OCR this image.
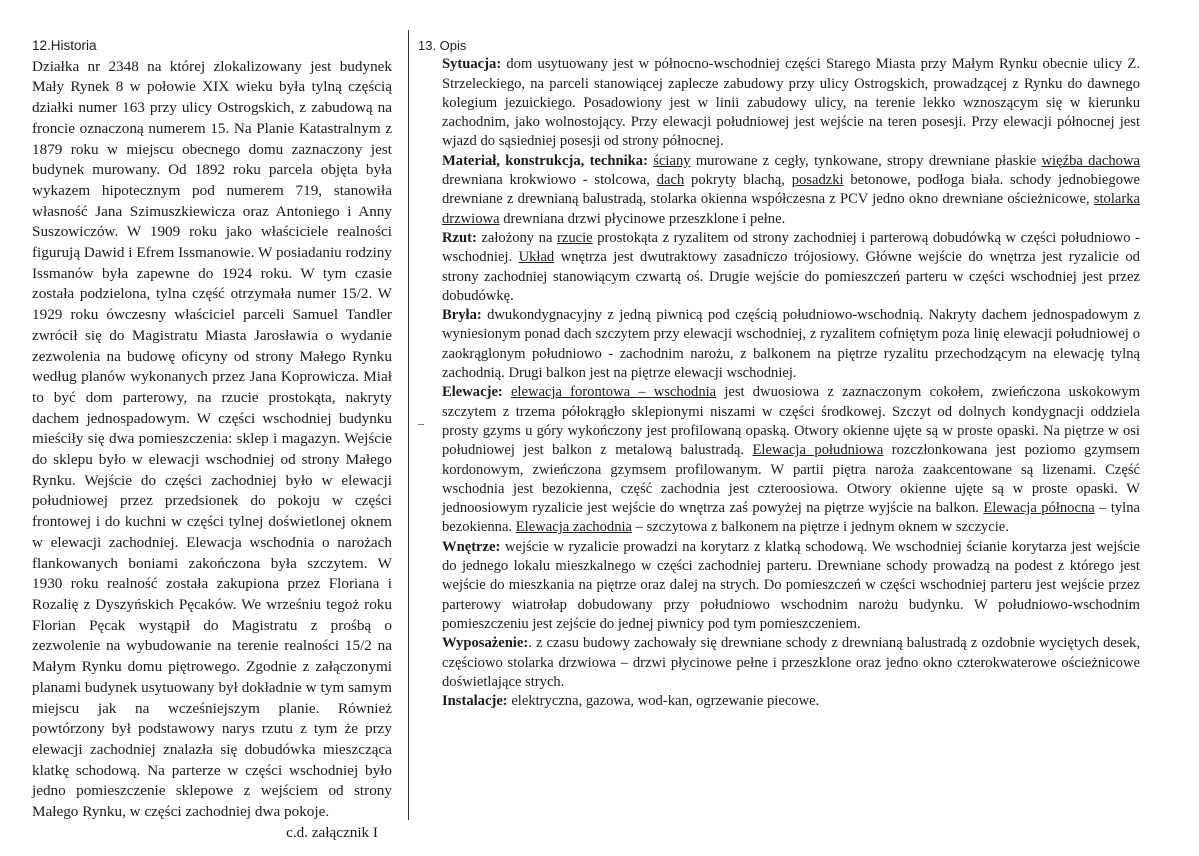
12.Historia

Działka nr 2348 na której zlokalizowany jest budynek Mały Rynek 8 w połowie XIX wieku była tylną częścią działki numer 163 przy ulicy Ostrogskich, z zabudową na froncie oznaczoną numerem 15. Na Planie Katastralnym z 1879 roku w miejscu obecnego domu zaznaczony jest budynek murowany. Od 1892 roku parcela objęta była wykazem hipotecznym pod numerem 719, stanowiła własność Jana Szimuszkiewicza oraz Antoniego i Anny Suszowiczów. W 1909 roku jako właściciele realności figurują Dawid i Efrem Issmanowie. W posiadaniu rodziny Issmanów była zapewne do 1924 roku. W tym czasie została podzielona, tylna część otrzymała numer 15/2. W 1929 roku ówczesny właściciel parceli Samuel Tandler zwrócił się do Magistratu Miasta Jarosławia o wydanie zezwolenia na budowę oficyny od strony Małego Rynku według planów wykonanych przez Jana Koprowicza. Miał to być dom parterowy, na rzucie prostokąta, nakryty dachem jednospadowym. W części wschodniej budynku mieściły się dwa pomieszczenia: sklep i magazyn. Wejście do sklepu było w elewacji wschodniej od strony Małego Rynku. Wejście do części zachodniej było w elewacji południowej przez przedsionek do pokoju w części frontowej i do kuchni w części tylnej doświetlonej oknem w elewacji zachodniej. Elewacja wschodnia o narożach flankowanych boniami zakończona była szczytem. W 1930 roku realność została zakupiona przez Floriana i Rozalię z Dyszyńskich Pęcaków. We wrześniu tegoż roku Florian Pęcak wystąpił do Magistratu z prośbą o zezwolenie na wybudowanie na terenie realności 15/2 na Małym Rynku domu piętrowego. Zgodnie z załączonymi planami budynek usytuowany był dokładnie w tym samym miejscu jak na wcześniejszym planie. Również powtórzony był podstawowy narys rzutu z tym że przy elewacji zachodniej znalazła się dobudówka mieszcząca klatkę schodową. Na parterze w części wschodniej było jedno pomieszczenie sklepowe z wejściem od strony Małego Rynku, w części zachodniej dwa pokoje.

c.d. załącznik I
13. Opis

Sytuacja: dom usytuowany jest w północno-wschodniej części Starego Miasta przy Małym Rynku obecnie ulicy Z. Strzeleckiego, na parceli stanowiącej zaplecze zabudowy przy ulicy Ostrogskich, prowadzącej z Rynku do dawnego kolegium jezuickiego. Posadowiony jest w linii zabudowy ulicy, na terenie lekko wznoszącym się w kierunku zachodnim, jako wolnostojący. Przy elewacji południowej jest wejście na teren posesji. Przy elewacji północnej jest wjazd do sąsiedniej posesji od strony północnej.

Materiał, konstrukcja, technika: ściany murowane z cegły, tynkowane, stropy drewniane płaskie więźba dachowa drewniana krokwiowo - stolcowa, dach pokryty blachą, posadzki betonowe, podłoga biała. schody jednobiegowe drewniane z drewnianą balustradą, stolarka okienna współczesna z PCV jedno okno drewniane ościeżnicowe, stolarka drzwiowa drewniana drzwi płycinowe przeszklone i pełne.

Rzut: założony na rzucie prostokąta z ryzalitem od strony zachodniej i parterową dobudówką w części południowo - wschodniej. Układ wnętrza jest dwutraktowy zasadniczo trójosiowy. Główne wejście do wnętrza jest ryzalicie od strony zachodniej stanowiącym czwartą oś. Drugie wejście do pomieszczeń parteru w części wschodniej jest przez dobudówkę.

Bryła: dwukondygnacyjny z jedną piwnicą pod częścią południowo-wschodnią. Nakryty dachem jednospadowym z wyniesionym ponad dach szczytem przy elewacji wschodniej, z ryzalitem cofniętym poza linię elewacji południowej o zaokrąglonym południowo - zachodnim narożu, z balkonem na piętrze ryzalitu przechodzącym na elewację tylną zachodnią. Drugi balkon jest na piętrze elewacji wschodniej.

Elewacje: elewacja forontowa – wschodnia jest dwuosiowa z zaznaczonym cokołem, zwieńczona uskokowym szczytem z trzema półokrągło sklepionymi niszami w części środkowej. Szczyt od dolnych kondygnacji oddziela prosty gzyms u góry wykończony jest profilowaną opaską. Otwory okienne ujęte są w proste opaski. Na piętrze w osi południowej jest balkon z metalową balustradą. Elewacja południowa rozczłonkowana jest poziomo gzymsem kordonowym, zwieńczona gzymsem profilowanym. W partii piętra naroża zaakcentowane są lizenami. Część wschodnia jest bezokienna, część zachodnia jest czteroosiowa. Otwory okienne ujęte są w proste opaski. W jednoosiowym ryzalicie jest wejście do wnętrza zaś powyżej na piętrze wyjście na balkon. Elewacja północna – tylna bezokienna. Elewacja zachodnia – szczytowa z balkonem na piętrze i jednym oknem w szczycie.

Wnętrze: wejście w ryzalicie prowadzi na korytarz z klatką schodową. We wschodniej ścianie korytarza jest wejście do jednego lokalu mieszkalnego w części zachodniej parteru. Drewniane schody prowadzą na podest z którego jest wejście do mieszkania na piętrze oraz dalej na strych. Do pomieszczeń w części wschodniej parteru jest wejście przez parterowy wiatrołap dobudowany przy południowo wschodnim narożu budynku. W południowo-wschodnim pomieszczeniu jest zejście do jednej piwnicy pod tym pomieszczeniem.

Wyposażenie:. z czasu budowy zachowały się drewniane schody z drewnianą balustradą z ozdobnie wyciętych desek, częściowo stolarka drzwiowa – drzwi płycinowe pełne i przeszklone oraz jedno okno czterokwaterowe ościeżnicowe doświetlające strych.

Instalacje: elektryczna, gazowa, wod-kan, ogrzewanie piecowe.
